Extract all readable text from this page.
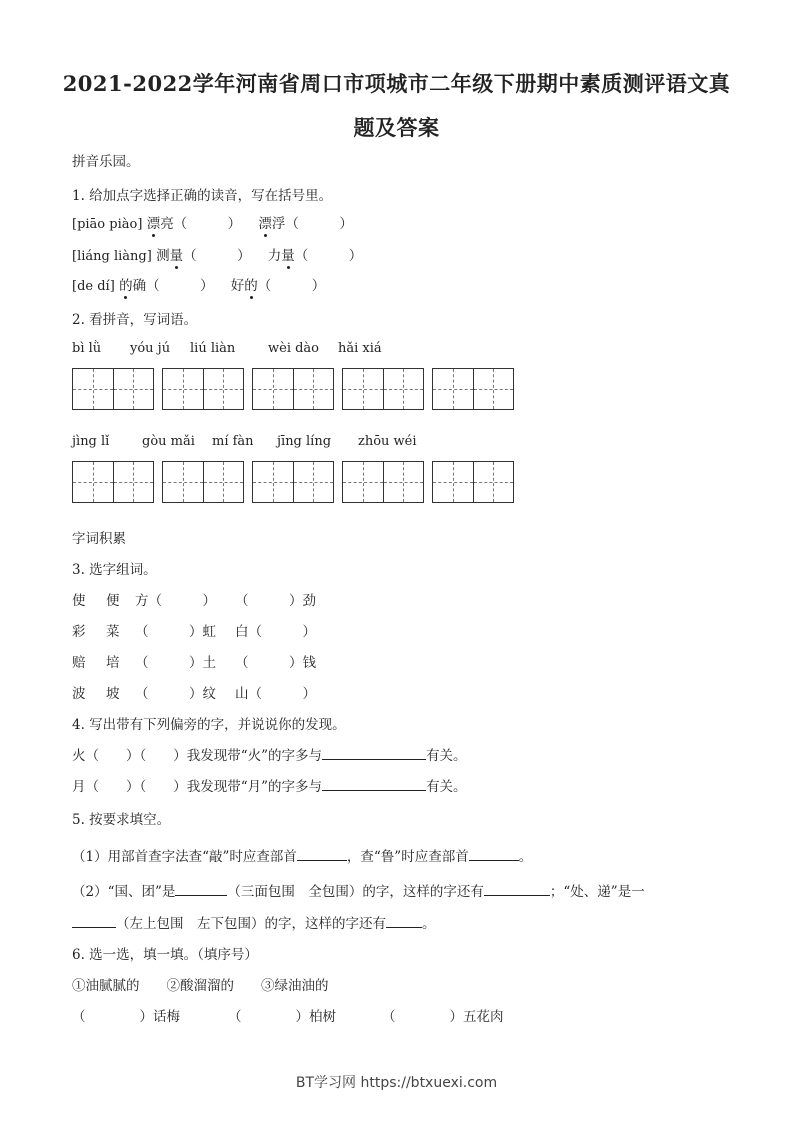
2021-2022学年河南省周口市项城市二年级下册期中素质测评语文真
题及答案
拼音乐园。
1. 给加点字选择正确的读音，写在括号里。
[piāo piào] 漂亮（　　　） 漂浮（　　　）
[liáng liàng] 测量（　　　） 力量（　　　）
[de dí] 的确（　　　） 好的（　　　）
2. 看拼音，写词语。
bì lǜ yóu jú liú liàn	wèi dào hǎi xiá
jìng lǐ	gòu mǎi mí fàn jīng líng zhōu wéi
字词积累
3. 选字组词。
使 便 方（　　　） （　　　）劲
彩 菜 （　　　）虹 白（　　　）
赔 培 （　　　）土 （　　　）钱
波 坡 （　　　）纹 山（　　　）
4. 写出带有下列偏旁的字，并说说你的发现。
火（　　）（　　）我发现带“火”的字多与	有关。
月（　　）（　　）我发现带“月”的字多与	有关。
5. 按要求填空。
（1）用部首查字法查“敲”时应查部首	，查“鲁”时应查部首	。
（2）“国、团”是	（三面包围　全包围）的字，这样的字还有	；“处、递”是一
（左上包围　左下包围）的字，这样的字还有	。
6. 选一选，填一填。（填序号）
①油腻腻的　　②酸溜溜的　　③绿油油的
（　　　　）话梅	（　　　　）柏树	（　　　　）五花肉
BT学习网 https://btxuexi.com
